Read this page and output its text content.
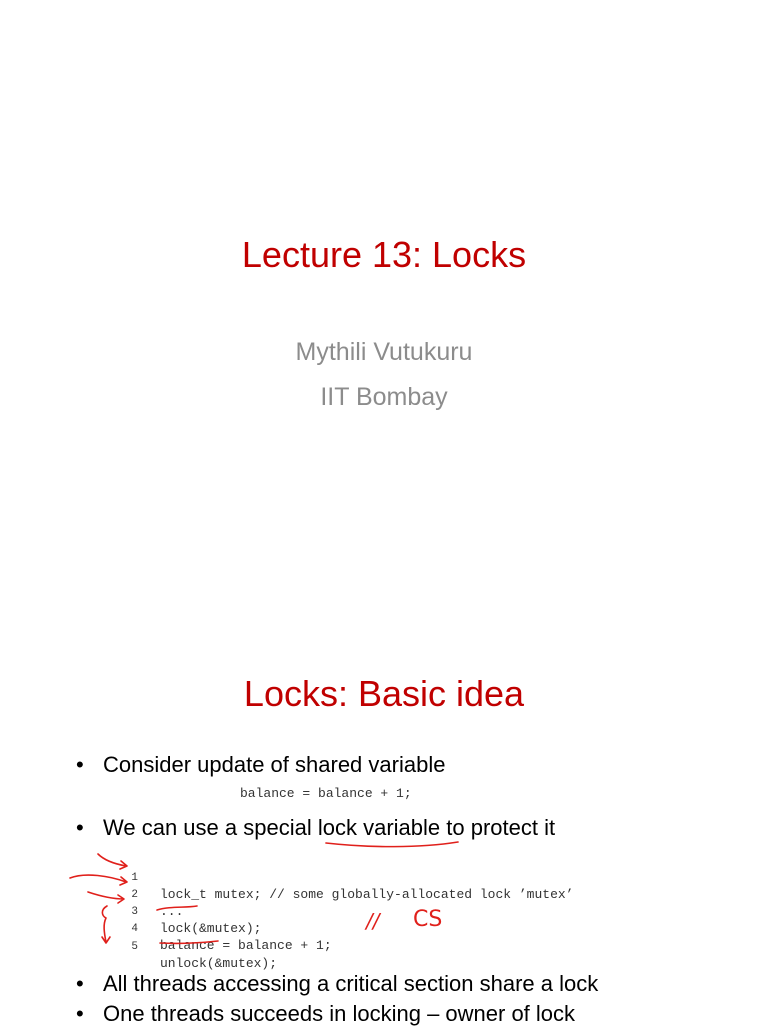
Lecture 13: Locks
Mythili Vutukuru
IIT Bombay
Locks: Basic idea
• Consider update of shared variable
balance = balance + 1;
• We can use a special lock variable to protect it

1

lock_t mutex; // some globally-allocated lock ’mutex’

2

...

3

lock(&mutex);

4

balance = balance + 1;

5

unlock(&mutex);

// CS
• All threads accessing a critical section share a lock
• One threads succeeds in locking – owner of lock
